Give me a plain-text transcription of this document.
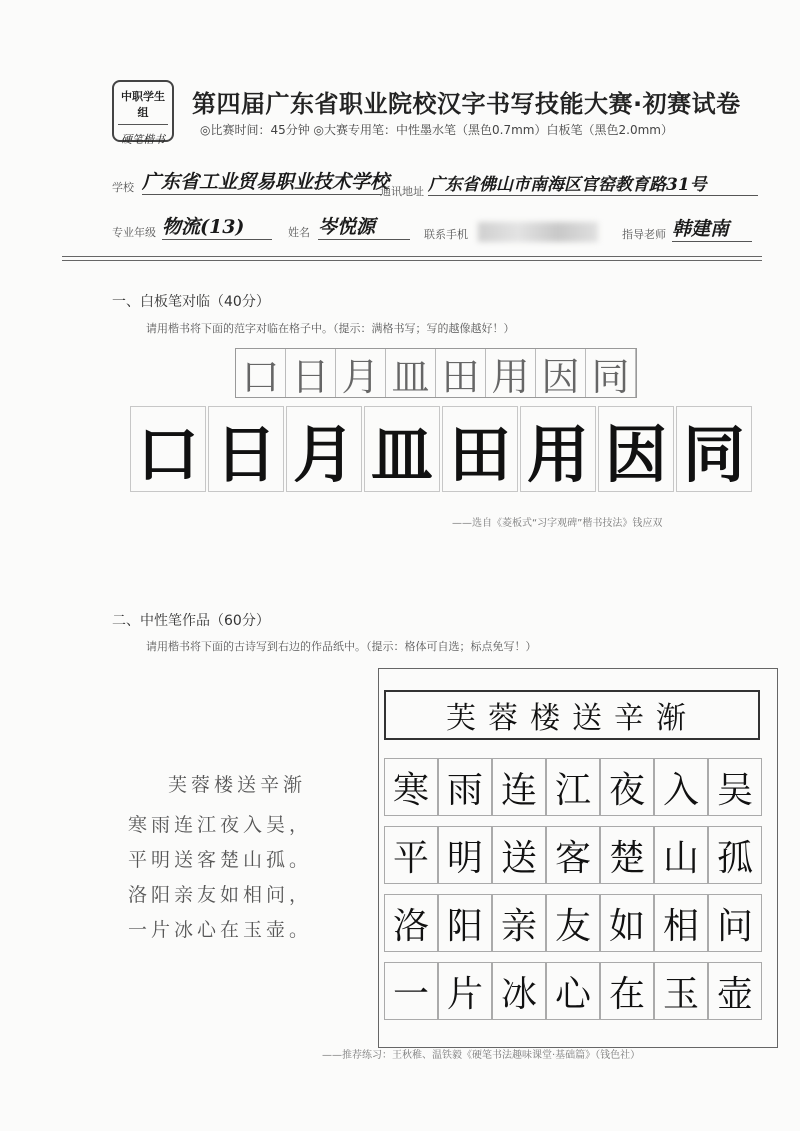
中职学生组
硬笔楷书
第四届广东省职业院校汉字书写技能大赛·初赛试卷
◎比赛时间：45分钟 ◎大赛专用笔：中性墨水笔（黑色0.7mm）白板笔（黑色2.0mm）
学校 广东省工业贸易职业技术学校
通讯地址 广东省佛山市南海区官窑教育路31号
专业年级 物流(13)	姓名 岑悦源	联系手机	指导老师 韩建南
一、白板笔对临（40分）
请用楷书将下面的范字对临在格子中。（提示：满格书写；写的越像越好！）
口 日 月 皿 田 用 因 同
口 日 月 皿 田 用 因 同
——选自《菱板式“习字观碑”楷书技法》钱应双
二、中性笔作品（60分）
请用楷书将下面的古诗写到右边的作品纸中。（提示：格体可自选；标点免写！）
芙蓉楼送辛渐
寒雨连江夜入吴，
平明送客楚山孤。
洛阳亲友如相问，
一片冰心在玉壶。
芙蓉楼送辛渐
寒 雨 连 江 夜 入 吴
平 明 送 客 楚 山 孤
洛 阳 亲 友 如 相 问
一 片 冰 心 在 玉 壶
——推荐练习：王秋稚、温铁毅《硬笔书法趣味课堂·基础篇》（钱色社）
